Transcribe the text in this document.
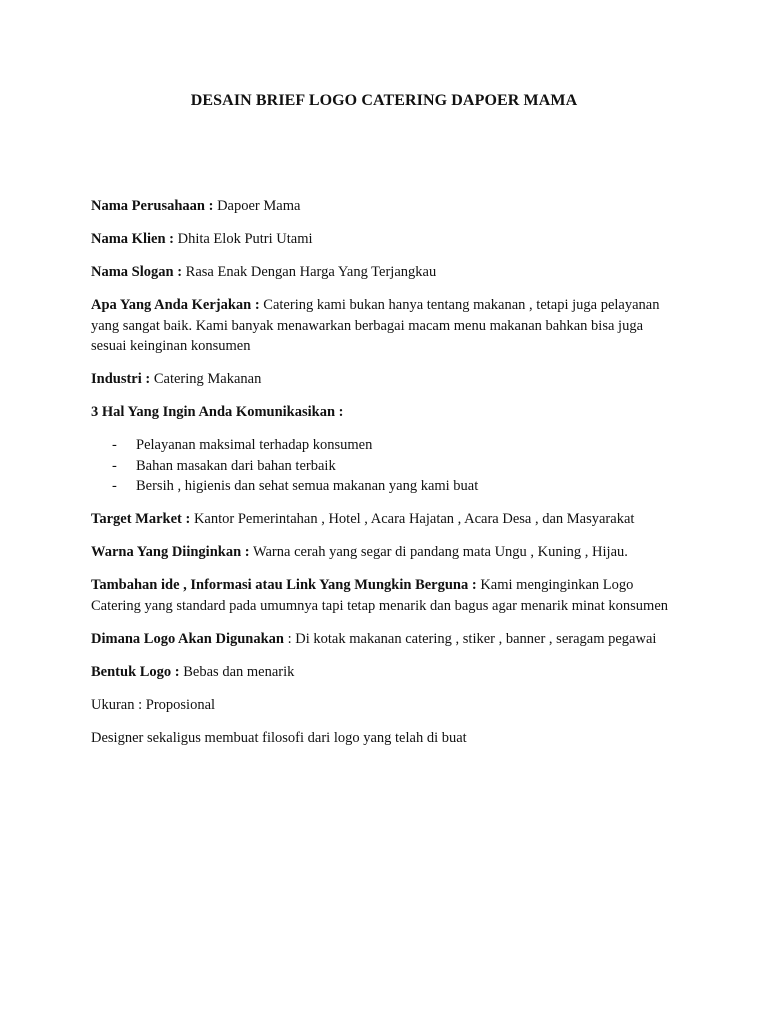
DESAIN BRIEF LOGO CATERING DAPOER MAMA

Nama Perusahaan : Dapoer Mama

Nama Klien : Dhita Elok Putri Utami

Nama Slogan : Rasa Enak Dengan Harga Yang Terjangkau

Apa Yang Anda Kerjakan : Catering kami bukan hanya tentang makanan , tetapi juga pelayanan yang sangat baik. Kami banyak menawarkan berbagai macam menu makanan bahkan bisa juga sesuai keinginan konsumen

Industri : Catering Makanan

3 Hal Yang Ingin Anda Komunikasikan :

- Pelayanan maksimal terhadap konsumen
- Bahan masakan dari bahan terbaik
- Bersih , higienis dan sehat semua makanan yang kami buat

Target Market : Kantor Pemerintahan , Hotel , Acara Hajatan , Acara Desa , dan Masyarakat

Warna Yang Diinginkan : Warna cerah yang segar di pandang mata Ungu , Kuning , Hijau.

Tambahan ide , Informasi atau Link Yang Mungkin Berguna : Kami menginginkan Logo Catering yang standard pada umumnya tapi tetap menarik dan bagus agar menarik minat konsumen

Dimana Logo Akan Digunakan : Di kotak makanan catering , stiker , banner , seragam pegawai

Bentuk Logo : Bebas dan menarik

Ukuran : Proposional

Designer sekaligus membuat filosofi dari logo yang telah di buat
